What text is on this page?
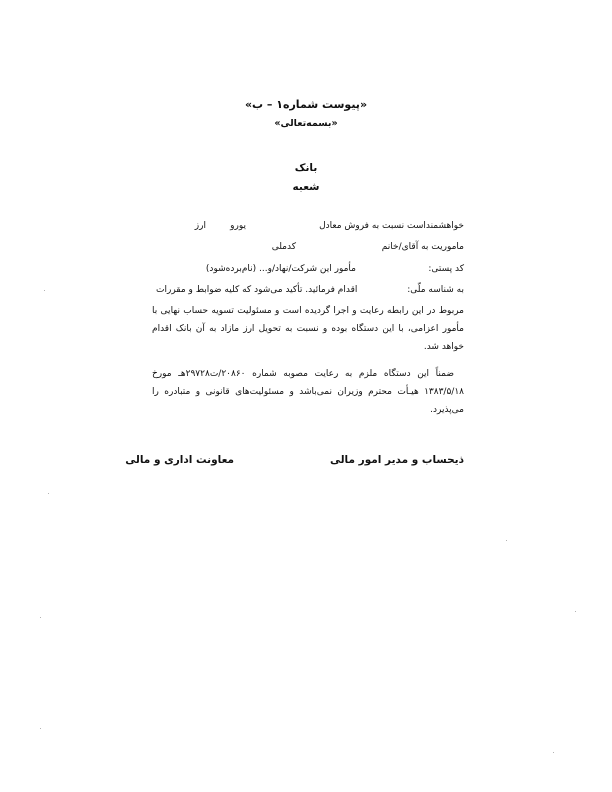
«پیوست شماره۱ – ب»
«بسمه‌تعالی»
بانک
شعبه
خواهشمنداست نسبت به فروش معادل
یورو
ارز
ماموریت به آقای/خانم
کدملی
کد پستی:
مأمور این شرکت/نهاد/و... (نام‌برده‌شود)
به شناسه ملّی:
اقدام فرمائید. تأکید می‌شود که کلیه ضوابط و مقررات
مربوط در این رابطه رعایت و اجرا گردیده است و مسئولیت تسویه حساب نهایی با مأمور اعزامی، با این دستگاه بوده و نسبت به تحویل ارز مازاد به آن بانک اقدام خواهد شد.
ضمناً این دستگاه ملزم به رعایت مصوبه شماره ۲۰۸۶۰/ت۲۹۷۲۸هـ مورخ ۱۳۸۳/۵/۱۸ هیـأت محترم وزیران نمی‌باشد و مسئولیت‌های قانونی و متبادره را می‌پذیرد.
ذیحساب و مدیر امور مالی
معاونت اداری و مالی
